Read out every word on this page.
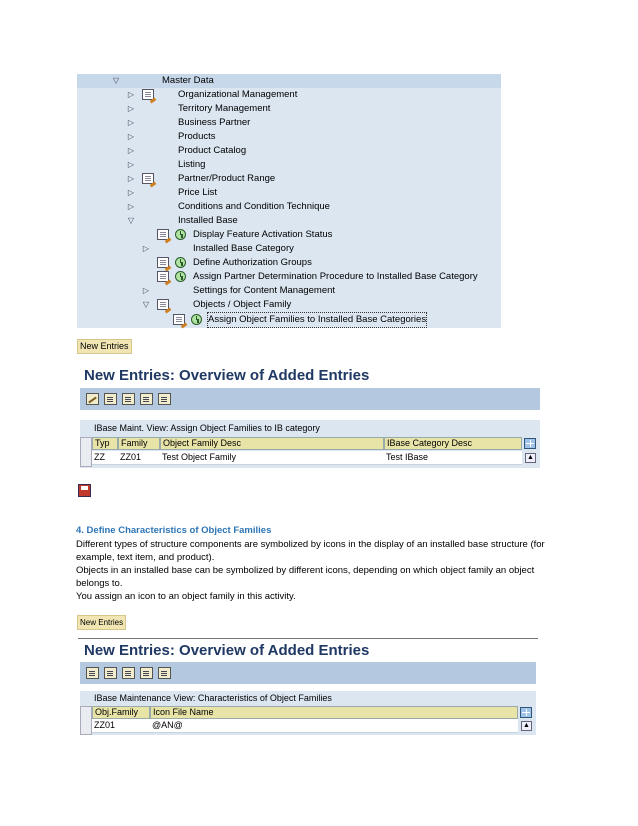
▽	Master Data
▷	Organizational Management
▷	Territory Management
▷	Business Partner
▷	Products
▷	Product Catalog
▷	Listing
▷	Partner/Product Range
▷	Price List
▷	Conditions and Condition Technique
▽	Installed Base
Display Feature Activation Status
▷	Installed Base Category
Define Authorization Groups
Assign Partner Determination Procedure to Installed Base Category
▷	Settings for Content Management
▽	Objects / Object Family
Assign Object Families to Installed Base Categories
New Entries
New Entries: Overview of Added Entries
IBase Maint. View: Assign Object Families to IB category
Typ	Family	Object Family Desc	IBase Category Desc
ZZ	ZZ01	Test Object Family	Test IBase	▲
4. Define Characteristics of Object Families
Different types of structure components are symbolized by icons in the display of an installed base structure (for
example, text item, and product).
Objects in an installed base can be symbolized by different icons, depending on which object family an object
belongs to.
You assign an icon to an object family in this activity.
New Entries
New Entries: Overview of Added Entries
IBase Maintenance View: Characteristics of Object Families
Obj.Family	Icon File Name
ZZ01	@AN@	▲
